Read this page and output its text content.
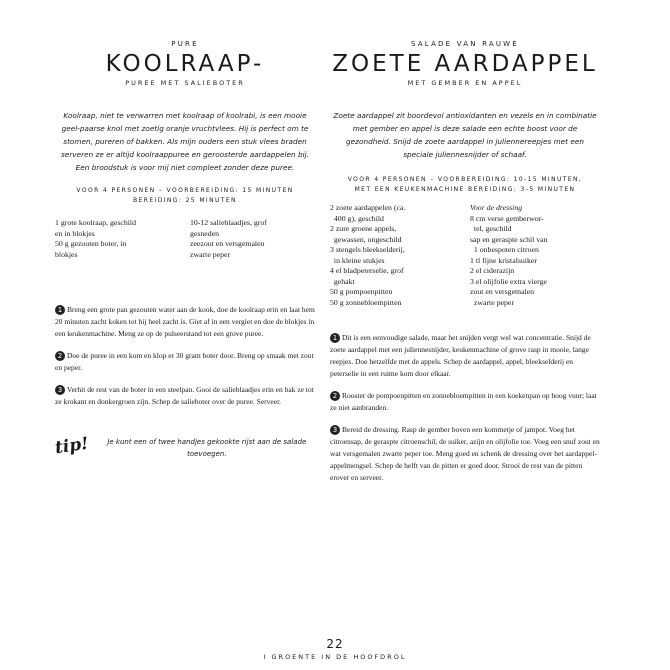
PURE
KOOLRAAP-
PUREE MET SALIEBOTER
Koolraap, niet te verwarren met koolraap of koolrabi, is een mooie geel-paarse knol met zoetig oranje vruchtvlees. Hij is perfect om te stomen, pureren of bakken. Als mijn ouders een stuk vlees braden serveren ze er altijd koolraappuree en geroosterde aardappelen bij. Een broodstuk is voor mij niet compleet zonder deze puree.
VOOR 4 PERSONEN – VOORBEREIDING: 15 MINUTEN
BEREIDING: 25 MINUTEN
1 grote koolraap, geschild
en in blokjes
50 g gezouten boter, in
blokjes
10-12 salieblaadjes, grof
gesneden
zeezout en versgemalen
zwarte peper
1 Breng een grote pan gezouten water aan de kook, doe de koolraap erin en laat hem 20 minuten zacht koken tot hij heel zacht is. Giet af in een vergiet en doe de blokjes in een keukenmachine. Meng ze op de pulseerstand tot een grove puree.
2 Doe de puree in een kom en klop er 30 gram boter door. Breng op smaak met zout en peper.
3 Verhit de rest van de boter in een steelpan. Gooi de salieblaadjes erin en bak ze tot ze krokant en donkergroen zijn. Schep de salieboter over de puree. Serveer.
tip!	Je kunt een of twee handjes gekookte rijst aan de salade toevoegen.
SALADE VAN RAUWE
ZOETE AARDAPPEL
MET GEMBER EN APPEL
Zoete aardappel zit boordevol antioxidanten en vezels en in combinatie met gember en appel is deze salade een echte boost voor de gezondheid. Snijd de zoete aardappel in juliennereepjes met een speciale juliennesnijder of schaaf.
VOOR 4 PERSONEN – VOORBEREIDING: 10-15 MINUTEN,
MET EEN KEUKENMACHINE BEREIDING: 3-5 MINUTEN
2 zoete aardappelen (ca.
400 g), geschild
2 zure groene appels,
gewassen, ongeschild
3 stengels bleekselderij,
in kleine stukjes
4 el bladpeterselie, grof
gehakt
50 g pompoenpitten
50 g zonnebloempitten
Voor de dressing
8 cm verse gemberwor-
tel, geschild
sap en geraspte schil van
1 onbespoten citroen
1 tl fijne kristalsuiker
2 el ciderazijn
3 el olijfolie extra vierge
zout en versgemalen
zwarte peper
1 Dit is een eenvoudige salade, maar het snijden vergt wel wat concentratie. Snijd de zoete aardappel met een juliennesnijder, keukenmachine of grove rasp in mooie, lange reepjes. Doe hetzelfde met de appels. Schep de aardappel, appel, bleekselderij en peterselie in een ruime kom door elkaar.
2 Rooster de pompoenpitten en zonnebloempitten in een koekenpan op hoog vuur; laat ze niet aanbranden.
3 Bereid de dressing. Rasp de gember boven een kommetje of jampot. Voeg het citroensap, de geraspte citroenschil, de suiker, azijn en olijfolie toe. Voeg een snuf zout en wat versgemalen zwarte peper toe. Meng goed en schenk de dressing over het aardappel-appelmengsel. Schep de helft van de pitten er goed door. Strooi de rest van de pitten erover en serveer.
22
I GROENTE IN DE HOOFDROL
